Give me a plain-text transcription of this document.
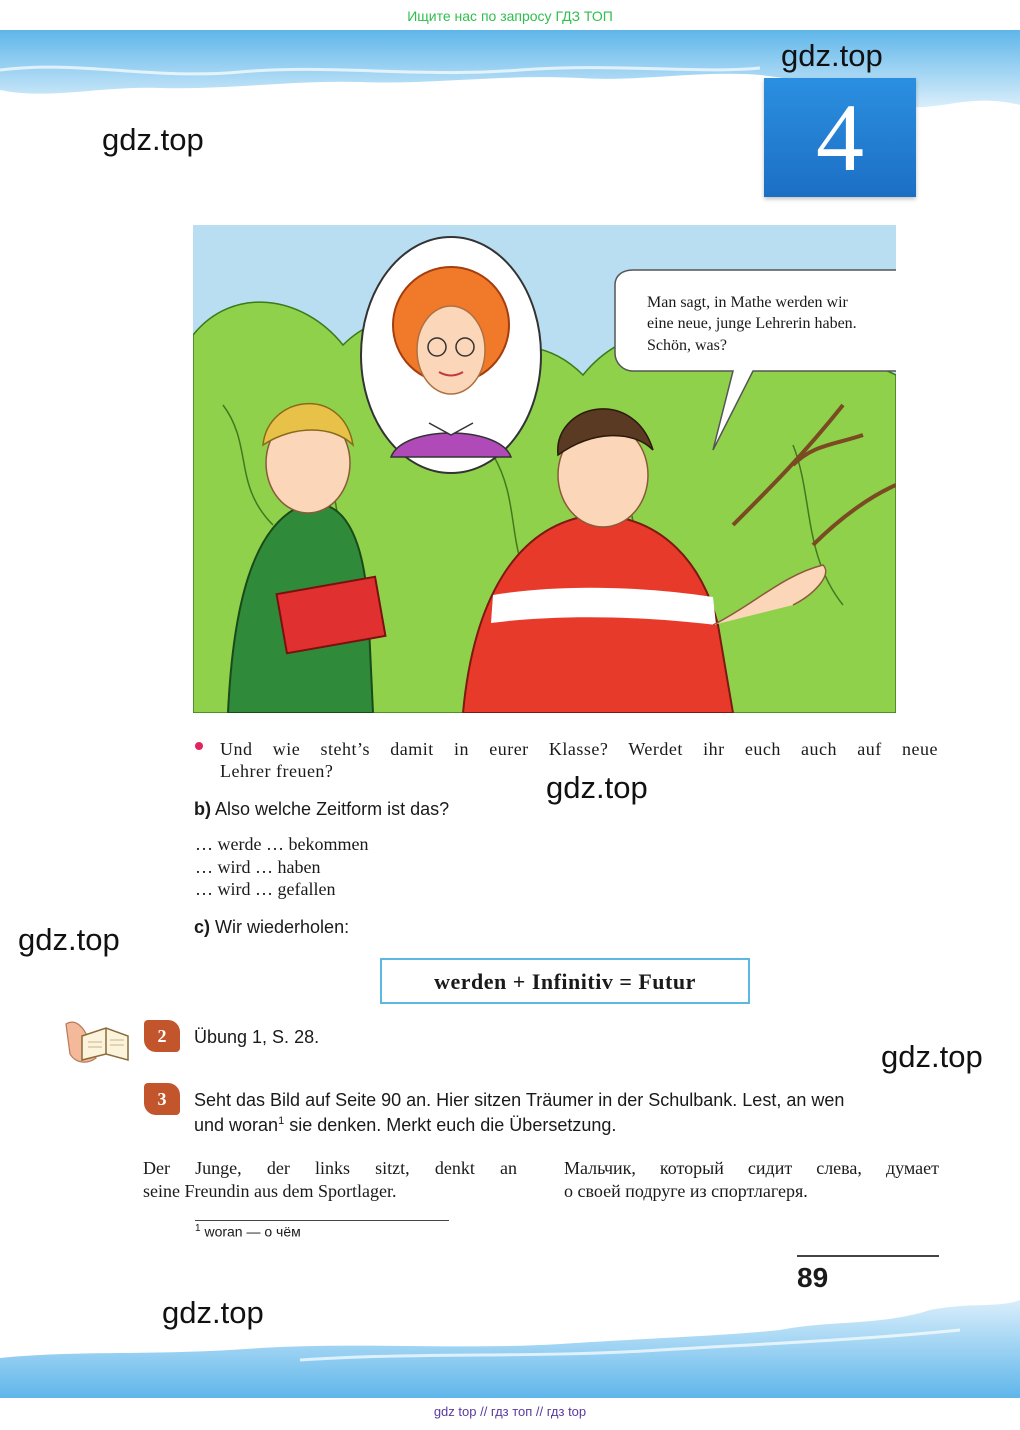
Ищите нас по запросу ГДЗ ТОП
gdz.top
gdz.top	4
Man sagt, in Mathe werden wir
eine neue, junge Lehrerin haben.
Schön, was?
Und wie steht’s damit in eurer Klasse? Werdet ihr euch auch auf neue
Lehrer freuen?
b) Also welche Zeitform ist das?
gdz.top
… werde … bekommen
… wird … haben
… wird … gefallen
gdz.top	c) Wir wiederholen:
werden + Infinitiv = Futur
2	Übung 1, S. 28.
gdz.top
3	Seht das Bild auf Seite 90 an. Hier sitzen Träumer in der Schulbank. Lest, an wen
und woran$^1$ sie denken. Merkt euch die Übersetzung.
Der Junge, der links sitzt, denkt an
seine Freundin aus dem Sportlager.
Мальчик, который сидит слева, думает
о своей подруге из спортлагеря.
$^1$ woran — о чём
89
gdz.top
gdz top // гдз топ // гдз top
